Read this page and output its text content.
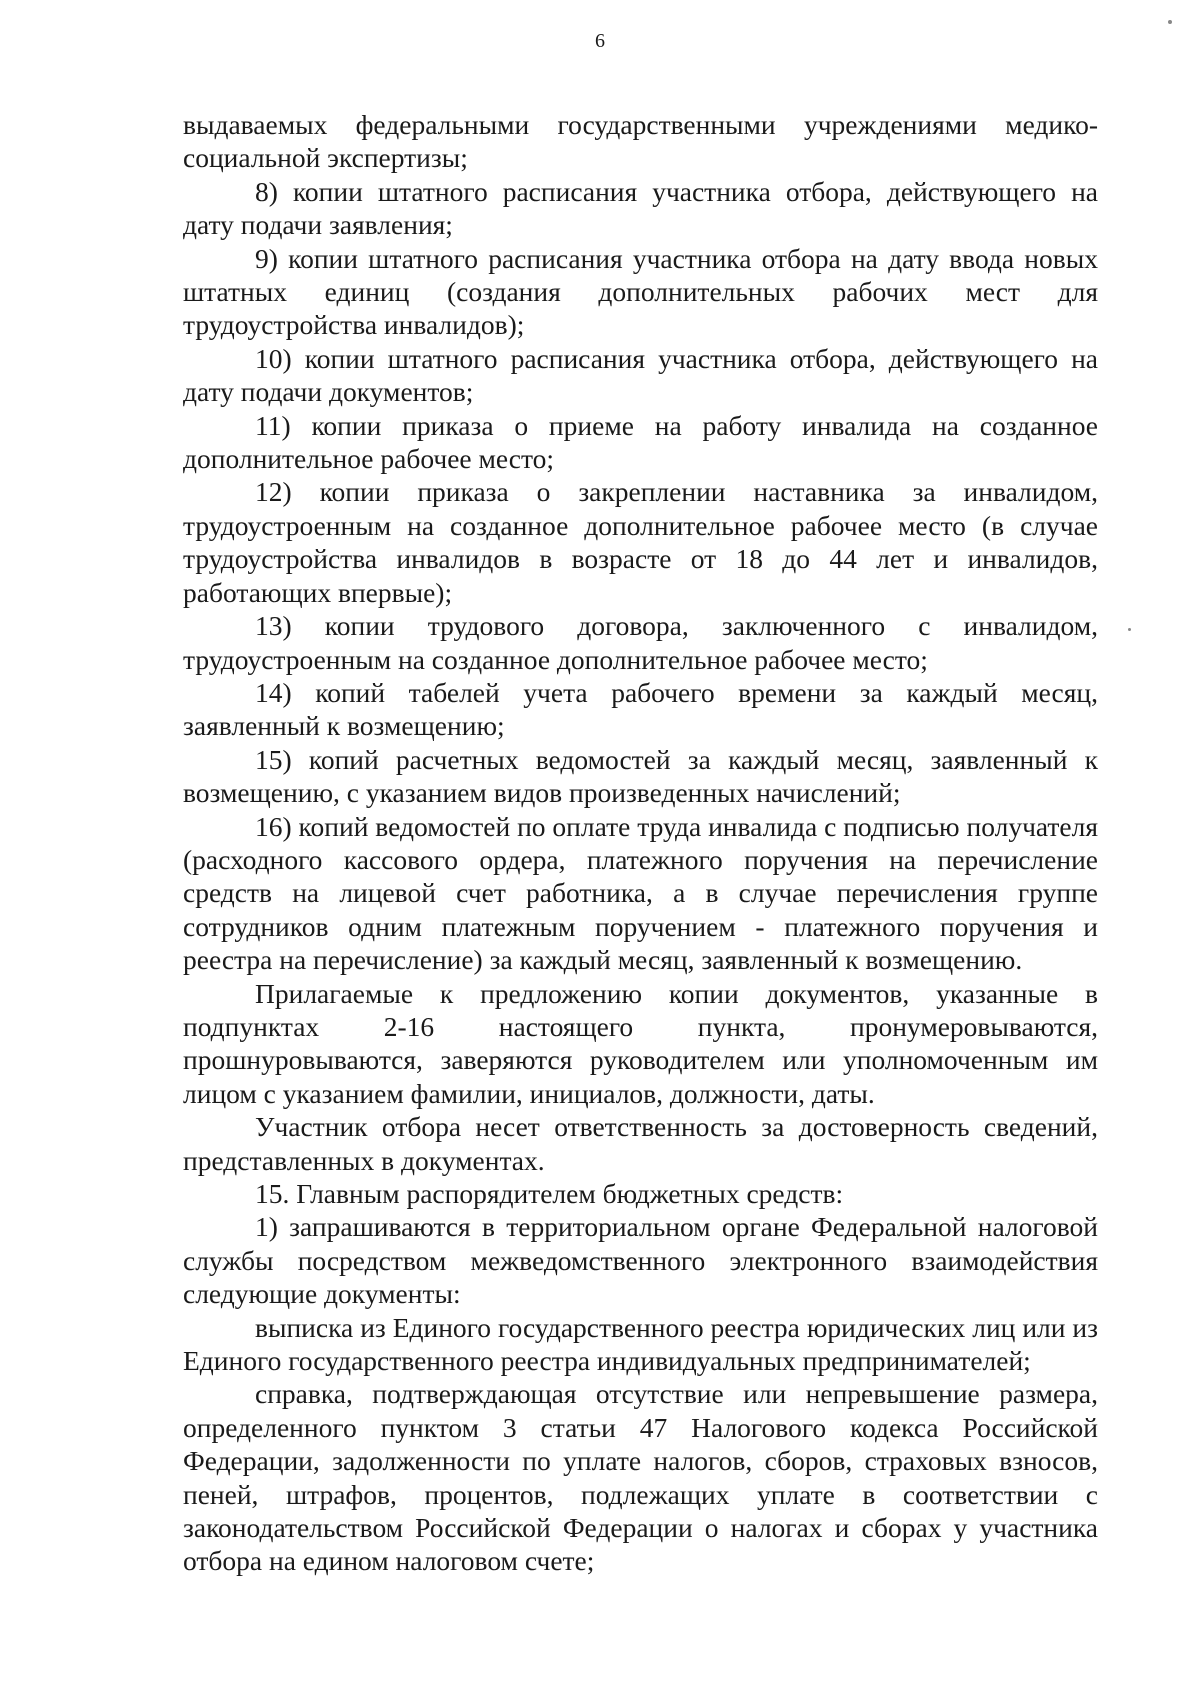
6

выдаваемых федеральными государственными учреждениями медико-социальной экспертизы;

8) копии штатного расписания участника отбора, действующего на дату подачи заявления;

9) копии штатного расписания участника отбора на дату ввода новых штатных единиц (создания дополнительных рабочих мест для трудоустройства инвалидов);

10) копии штатного расписания участника отбора, действующего на дату подачи документов;

11) копии приказа о приеме на работу инвалида на созданное дополнительное рабочее место;

12) копии приказа о закреплении наставника за инвалидом, трудоустроенным на созданное дополнительное рабочее место (в случае трудоустройства инвалидов в возрасте от 18 до 44 лет и инвалидов, работающих впервые);

13) копии трудового договора, заключенного с инвалидом, трудоустроенным на созданное дополнительное рабочее место;

14) копий табелей учета рабочего времени за каждый месяц, заявленный к возмещению;

15) копий расчетных ведомостей за каждый месяц, заявленный к возмещению, с указанием видов произведенных начислений;

16) копий ведомостей по оплате труда инвалида с подписью получателя (расходного кассового ордера, платежного поручения на перечисление средств на лицевой счет работника, а в случае перечисления группе сотрудников одним платежным поручением - платежного поручения и реестра на перечисление) за каждый месяц, заявленный к возмещению.

Прилагаемые к предложению копии документов, указанные в подпунктах 2-16 настоящего пункта, пронумеровываются, прошнуровываются, заверяются руководителем или уполномоченным им лицом с указанием фамилии, инициалов, должности, даты.

Участник отбора несет ответственность за достоверность сведений, представленных в документах.

15. Главным распорядителем бюджетных средств:

1) запрашиваются в территориальном органе Федеральной налоговой службы посредством межведомственного электронного взаимодействия следующие документы:

выписка из Единого государственного реестра юридических лиц или из Единого государственного реестра индивидуальных предпринимателей;

справка, подтверждающая отсутствие или непревышение размера, определенного пунктом 3 статьи 47 Налогового кодекса Российской Федерации, задолженности по уплате налогов, сборов, страховых взносов, пеней, штрафов, процентов, подлежащих уплате в соответствии с законодательством Российской Федерации о налогах и сборах у участника отбора на едином налоговом счете;
